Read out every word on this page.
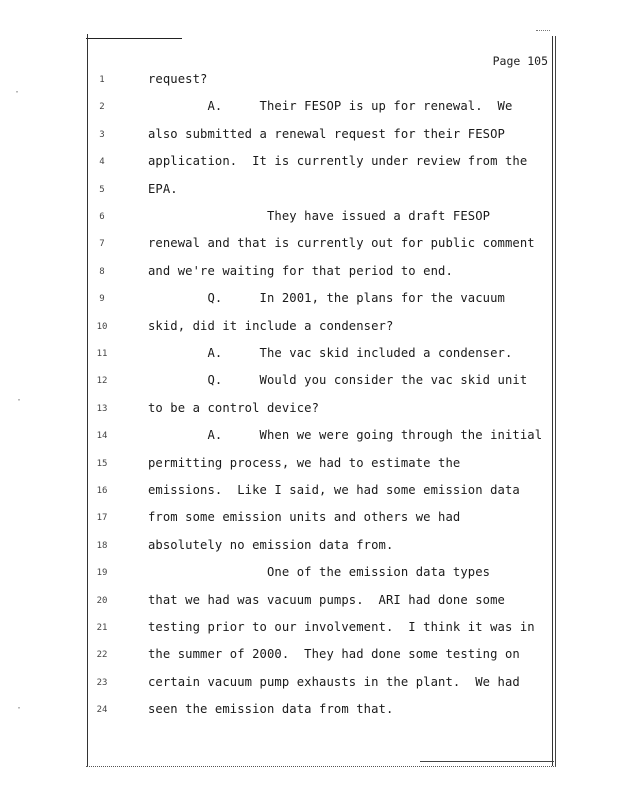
·
·
·
Page 105
1	request?
2	A.     Their FESOP is up for renewal.  We
3	also submitted a renewal request for their FESOP
4	application.  It is currently under review from the
5	EPA.
6	They have issued a draft FESOP
7	renewal and that is currently out for public comment
8	and we're waiting for that period to end.
9	Q.     In 2001, the plans for the vacuum
10	skid, did it include a condenser?
11	A.     The vac skid included a condenser.
12	Q.     Would you consider the vac skid unit
13	to be a control device?
14	A.     When we were going through the initial
15	permitting process, we had to estimate the
16	emissions.  Like I said, we had some emission data
17	from some emission units and others we had
18	absolutely no emission data from.
19	One of the emission data types
20	that we had was vacuum pumps.  ARI had done some
21	testing prior to our involvement.  I think it was in
22	the summer of 2000.  They had done some testing on
23	certain vacuum pump exhausts in the plant.  We had
24	seen the emission data from that.
